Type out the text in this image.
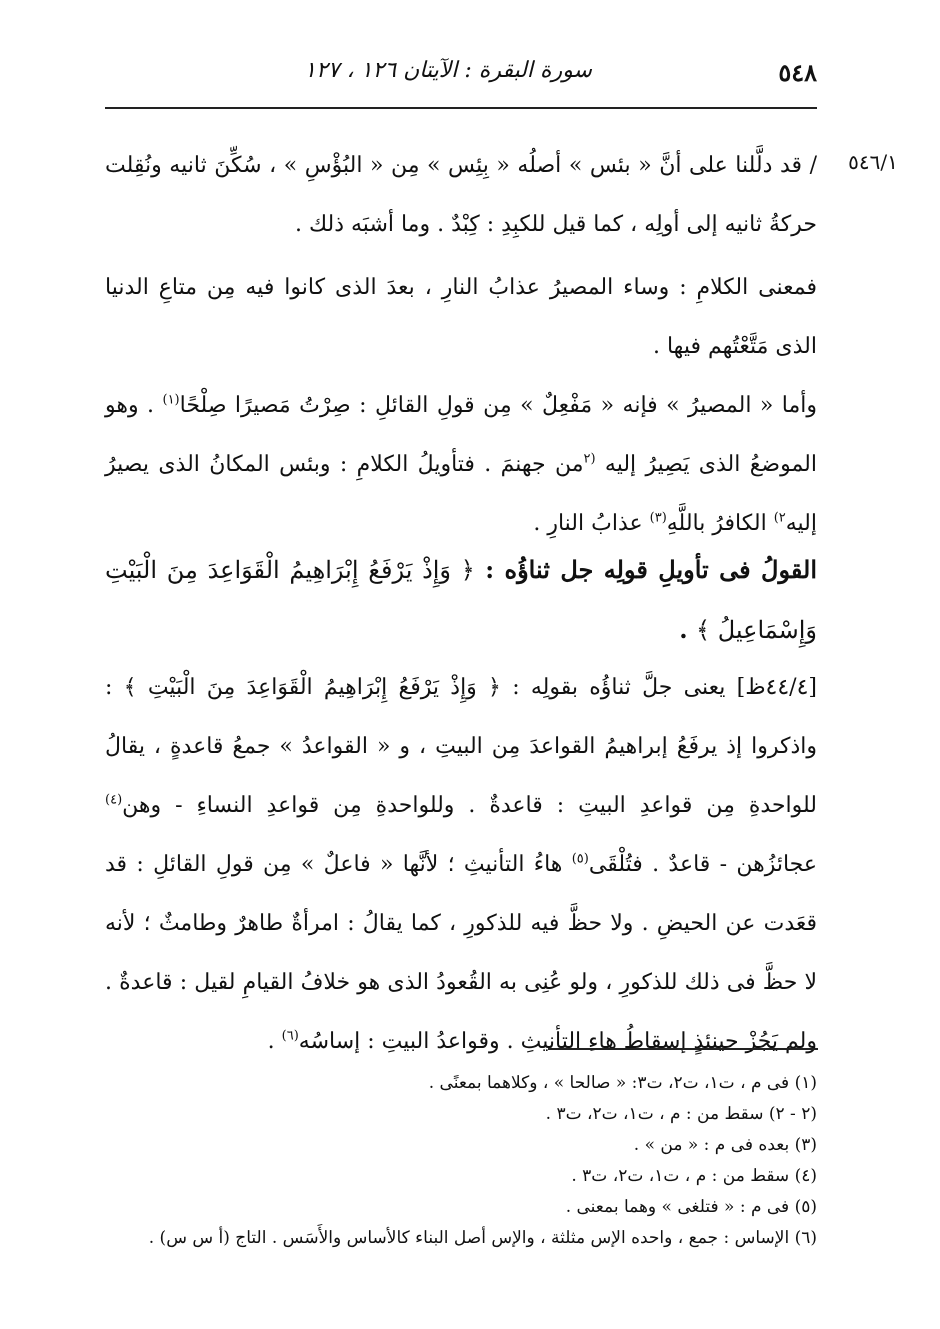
٥٤٨
سورة البقرة : الآيتان ١٢٦ ، ١٢٧
٥٤٦/١
/ قد دلَّلنا على أنَّ « بئس » أصلُه « بِئِس » مِن « البُؤْسِ » ، سُكِّنَ ثانيه ونُقِلت حركةُ ثانيه إلى أولِه ، كما قيل للكبِدِ : كِبْدٌ . وما أشبَه ذلك .
فمعنى الكلامِ : وساء المصيرُ عذابُ النارِ ، بعدَ الذى كانوا فيه مِن متاعِ الدنيا الذى مَتَّعْتُهم فيها .
وأما « المصيرُ » فإنه « مَفْعِلٌ » مِن قولِ القائلِ : صِرْتُ مَصيرًا صِلْحًا$^{(١)}$ . وهو الموضعُ الذى يَصِيرُ إليه $^{(٢}$من جهنمَ . فتأويلُ الكلامِ : وبئس المكانُ الذى يصيرُ إليه$^{٢)}$ الكافرُ باللَّهِ$^{(٣)}$ عذابُ النارِ .
القولُ فى تأويلِ قولِه جل ثناؤُه : ﴿ وَإِذْ يَرْفَعُ إِبْرَاهِيمُ الْقَوَاعِدَ مِنَ الْبَيْتِ وَإِسْمَاعِيلُ ﴾ .
[٤٤/٤ظ] يعنى جلَّ ثناؤُه بقولِه : ﴿ وَإِذْ يَرْفَعُ إِبْرَاهِيمُ الْقَوَاعِدَ مِنَ الْبَيْتِ ﴾ : واذكروا إذ يرفَعُ إبراهيمُ القواعدَ مِن البيتِ ، و « القواعدُ » جمعُ قاعدةٍ ، يقالُ للواحدةِ مِن قواعدِ البيتِ : قاعدةٌ . وللواحدةِ مِن قواعدِ النساءِ - وهن$^{(٤)}$ عجائزُهن - قاعدٌ . فتُلْقَى$^{(٥)}$ هاءُ التأنيثِ ؛ لأنَّها « فاعلٌ » مِن قولِ القائلِ : قد قعَدت عن الحيضِ . ولا حظَّ فيه للذكورِ ، كما يقالُ : امرأةٌ طاهرٌ وطامثٌ ؛ لأنه لا حظَّ فى ذلك للذكورِ ، ولو عُنِى به القُعودُ الذى هو خلافُ القيامِ لقيل : قاعدةٌ . ولم يَجُزْ حينئذٍ إسقاطُ هاءِ التأنيثِ . وقواعدُ البيتِ : إساسُه$^{(٦)}$ .
(١) فى م ، ت١، ت٢، ت٣: « صالحا » ، وكلاهما بمعنًى .
(٢ - ٢) سقط من : م ، ت١، ت٢، ت٣ .
(٣) بعده فى م : « من » .
(٤) سقط من : م ، ت١، ت٢، ت٣ .
(٥) فى م : « فتلغى » وهما بمعنى .
(٦) الإساس : جمع ، واحده الإس مثلثة ، والإس أصل البناء كالأساس والأَسَس . التاج (أ س س) .
